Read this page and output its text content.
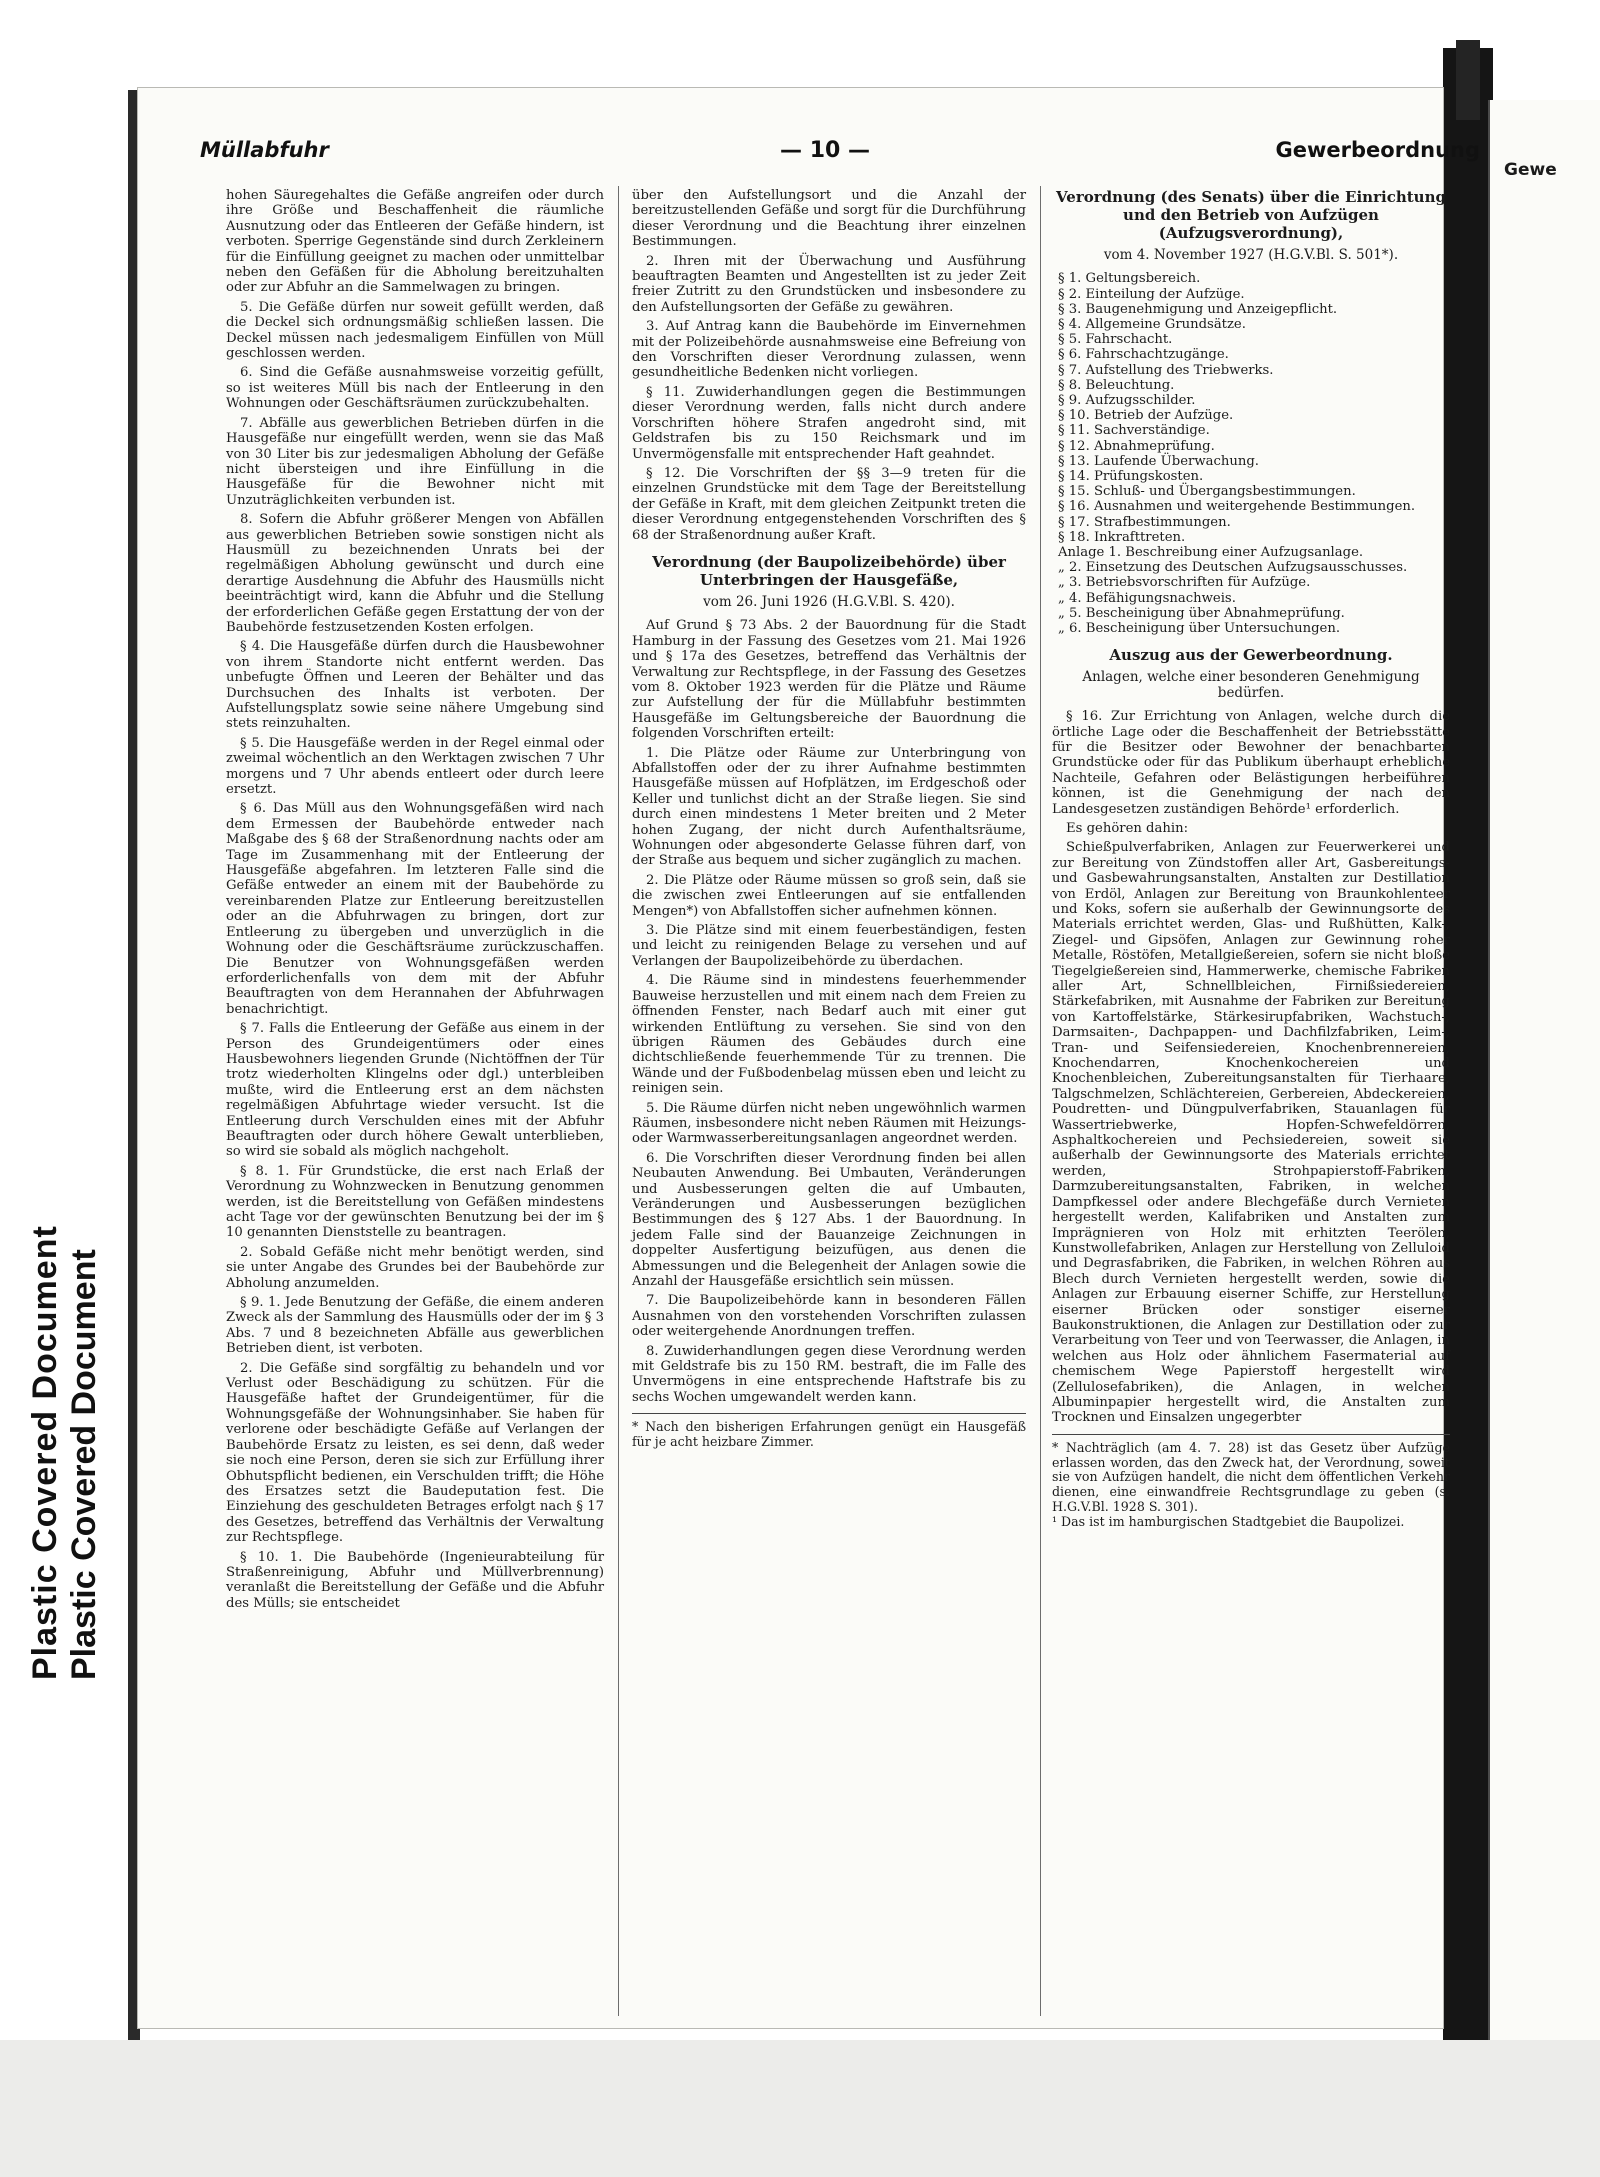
Plastic Covered Document Plastic Covered Document
Gewe
Müllabfuhr	— 10 —	Gewerbeordnung

hohen Säuregehaltes die Gefäße angreifen oder durch ihre Größe und Beschaffenheit die räumliche Ausnutzung oder das Entleeren der Gefäße hindern, ist verboten. Sperrige Gegenstände sind durch Zerkleinern für die Einfüllung geeignet zu machen oder unmittelbar neben den Gefäßen für die Abholung bereitzuhalten oder zur Abfuhr an die Sammelwagen zu bringen.

5. Die Gefäße dürfen nur soweit gefüllt werden, daß die Deckel sich ordnungsmäßig schließen lassen. Die Deckel müssen nach jedesmaligem Einfüllen von Müll geschlossen werden.

6. Sind die Gefäße ausnahmsweise vorzeitig gefüllt, so ist weiteres Müll bis nach der Entleerung in den Wohnungen oder Geschäftsräumen zurückzubehalten.

7. Abfälle aus gewerblichen Betrieben dürfen in die Hausgefäße nur eingefüllt werden, wenn sie das Maß von 30 Liter bis zur jedesmaligen Abholung der Gefäße nicht übersteigen und ihre Einfüllung in die Hausgefäße für die Bewohner nicht mit Unzuträglichkeiten verbunden ist.

8. Sofern die Abfuhr größerer Mengen von Abfällen aus gewerblichen Betrieben sowie sonstigen nicht als Hausmüll zu bezeichnenden Unrats bei der regelmäßigen Abholung gewünscht und durch eine derartige Ausdehnung die Abfuhr des Hausmülls nicht beeinträchtigt wird, kann die Abfuhr und die Stellung der erforderlichen Gefäße gegen Erstattung der von der Baubehörde festzusetzenden Kosten erfolgen.

§ 4. Die Hausgefäße dürfen durch die Hausbewohner von ihrem Standorte nicht entfernt werden. Das unbefugte Öffnen und Leeren der Behälter und das Durchsuchen des Inhalts ist verboten. Der Aufstellungsplatz sowie seine nähere Umgebung sind stets reinzuhalten.

§ 5. Die Hausgefäße werden in der Regel einmal oder zweimal wöchentlich an den Werktagen zwischen 7 Uhr morgens und 7 Uhr abends entleert oder durch leere ersetzt.

§ 6. Das Müll aus den Wohnungsgefäßen wird nach dem Ermessen der Baubehörde entweder nach Maßgabe des § 68 der Straßenordnung nachts oder am Tage im Zusammenhang mit der Entleerung der Hausgefäße abgefahren. Im letzteren Falle sind die Gefäße entweder an einem mit der Baubehörde zu vereinbarenden Platze zur Entleerung bereitzustellen oder an die Abfuhrwagen zu bringen, dort zur Entleerung zu übergeben und unverzüglich in die Wohnung oder die Geschäftsräume zurückzuschaffen. Die Benutzer von Wohnungsgefäßen werden erforderlichenfalls von dem mit der Abfuhr Beauftragten von dem Herannahen der Abfuhrwagen benachrichtigt.

§ 7. Falls die Entleerung der Gefäße aus einem in der Person des Grundeigentümers oder eines Hausbewohners liegenden Grunde (Nichtöffnen der Tür trotz wiederholten Klingelns oder dgl.) unterbleiben mußte, wird die Entleerung erst an dem nächsten regelmäßigen Abfuhrtage wieder versucht. Ist die Entleerung durch Verschulden eines mit der Abfuhr Beauftragten oder durch höhere Gewalt unterblieben, so wird sie sobald als möglich nachgeholt.

§ 8. 1. Für Grundstücke, die erst nach Erlaß der Verordnung zu Wohnzwecken in Benutzung genommen werden, ist die Bereitstellung von Gefäßen mindestens acht Tage vor der gewünschten Benutzung bei der im § 10 genannten Dienststelle zu beantragen.

2. Sobald Gefäße nicht mehr benötigt werden, sind sie unter Angabe des Grundes bei der Baubehörde zur Abholung anzumelden.

§ 9. 1. Jede Benutzung der Gefäße, die einem anderen Zweck als der Sammlung des Hausmülls oder der im § 3 Abs. 7 und 8 bezeichneten Abfälle aus gewerblichen Betrieben dient, ist verboten.

2. Die Gefäße sind sorgfältig zu behandeln und vor Verlust oder Beschädigung zu schützen. Für die Hausgefäße haftet der Grundeigentümer, für die Wohnungsgefäße der Wohnungsinhaber. Sie haben für verlorene oder beschädigte Gefäße auf Verlangen der Baubehörde Ersatz zu leisten, es sei denn, daß weder sie noch eine Person, deren sie sich zur Erfüllung ihrer Obhutspflicht bedienen, ein Verschulden trifft; die Höhe des Ersatzes setzt die Baudeputation fest. Die Einziehung des geschuldeten Betrages erfolgt nach § 17 des Gesetzes, betreffend das Verhältnis der Verwaltung zur Rechtspflege.

§ 10. 1. Die Baubehörde (Ingenieurabteilung für Straßenreinigung, Abfuhr und Müllverbrennung) veranlaßt die Bereitstellung der Gefäße und die Abfuhr des Mülls; sie entscheidet

über den Aufstellungsort und die Anzahl der bereitzustellenden Gefäße und sorgt für die Durchführung dieser Verordnung und die Beachtung ihrer einzelnen Bestimmungen.

2. Ihren mit der Überwachung und Ausführung beauftragten Beamten und Angestellten ist zu jeder Zeit freier Zutritt zu den Grundstücken und insbesondere zu den Aufstellungsorten der Gefäße zu gewähren.

3. Auf Antrag kann die Baubehörde im Einvernehmen mit der Polizeibehörde ausnahmsweise eine Befreiung von den Vorschriften dieser Verordnung zulassen, wenn gesundheitliche Bedenken nicht vorliegen.

§ 11. Zuwiderhandlungen gegen die Bestimmungen dieser Verordnung werden, falls nicht durch andere Vorschriften höhere Strafen angedroht sind, mit Geldstrafen bis zu 150 Reichsmark und im Unvermögensfalle mit entsprechender Haft geahndet.

§ 12. Die Vorschriften der §§ 3—9 treten für die einzelnen Grundstücke mit dem Tage der Bereitstellung der Gefäße in Kraft, mit dem gleichen Zeitpunkt treten die dieser Verordnung entgegenstehenden Vorschriften des § 68 der Straßenordnung außer Kraft.

Verordnung (der Baupolizeibehörde) über Unterbringen der Hausgefäße,
vom 26. Juni 1926 (H.G.V.Bl. S. 420).

Auf Grund § 73 Abs. 2 der Bauordnung für die Stadt Hamburg in der Fassung des Gesetzes vom 21. Mai 1926 und § 17a des Gesetzes, betreffend das Verhältnis der Verwaltung zur Rechtspflege, in der Fassung des Gesetzes vom 8. Oktober 1923 werden für die Plätze und Räume zur Aufstellung der für die Müllabfuhr bestimmten Hausgefäße im Geltungsbereiche der Bauordnung die folgenden Vorschriften erteilt:

1. Die Plätze oder Räume zur Unterbringung von Abfallstoffen oder der zu ihrer Aufnahme bestimmten Hausgefäße müssen auf Hofplätzen, im Erdgeschoß oder Keller und tunlichst dicht an der Straße liegen. Sie sind durch einen mindestens 1 Meter breiten und 2 Meter hohen Zugang, der nicht durch Aufenthaltsräume, Wohnungen oder abgesonderte Gelasse führen darf, von der Straße aus bequem und sicher zugänglich zu machen.

2. Die Plätze oder Räume müssen so groß sein, daß sie die zwischen zwei Entleerungen auf sie entfallenden Mengen*) von Abfallstoffen sicher aufnehmen können.

3. Die Plätze sind mit einem feuerbeständigen, festen und leicht zu reinigenden Belage zu versehen und auf Verlangen der Baupolizeibehörde zu überdachen.

4. Die Räume sind in mindestens feuerhemmender Bauweise herzustellen und mit einem nach dem Freien zu öffnenden Fenster, nach Bedarf auch mit einer gut wirkenden Entlüftung zu versehen. Sie sind von den übrigen Räumen des Gebäudes durch eine dichtschließende feuerhemmende Tür zu trennen. Die Wände und der Fußbodenbelag müssen eben und leicht zu reinigen sein.

5. Die Räume dürfen nicht neben ungewöhnlich warmen Räumen, insbesondere nicht neben Räumen mit Heizungs- oder Warmwasserbereitungsanlagen angeordnet werden.

6. Die Vorschriften dieser Verordnung finden bei allen Neubauten Anwendung. Bei Umbauten, Veränderungen und Ausbesserungen gelten die auf Umbauten, Veränderungen und Ausbesserungen bezüglichen Bestimmungen des § 127 Abs. 1 der Bauordnung. In jedem Falle sind der Bauanzeige Zeichnungen in doppelter Ausfertigung beizufügen, aus denen die Abmessungen und die Belegenheit der Anlagen sowie die Anzahl der Hausgefäße ersichtlich sein müssen.

7. Die Baupolizeibehörde kann in besonderen Fällen Ausnahmen von den vorstehenden Vorschriften zulassen oder weitergehende Anordnungen treffen.

8. Zuwiderhandlungen gegen diese Verordnung werden mit Geldstrafe bis zu 150 RM. bestraft, die im Falle des Unvermögens in eine entsprechende Haftstrafe bis zu sechs Wochen umgewandelt werden kann.

* Nach den bisherigen Erfahrungen genügt ein Hausgefäß für je acht heizbare Zimmer.
Verordnung (des Senats) über die Einrichtung und den Betrieb von Aufzügen (Aufzugsverordnung),
vom 4. November 1927 (H.G.V.Bl. S. 501*).
§ 1. Geltungsbereich.
§ 2. Einteilung der Aufzüge.
§ 3. Baugenehmigung und Anzeigepflicht.
§ 4. Allgemeine Grundsätze.
§ 5. Fahrschacht.
§ 6. Fahrschachtzugänge.
§ 7. Aufstellung des Triebwerks.
§ 8. Beleuchtung.
§ 9. Aufzugsschilder.
§ 10. Betrieb der Aufzüge.
§ 11. Sachverständige.
§ 12. Abnahmeprüfung.
§ 13. Laufende Überwachung.
§ 14. Prüfungskosten.
§ 15. Schluß- und Übergangsbestimmungen.
§ 16. Ausnahmen und weitergehende Bestimmungen.
§ 17. Strafbestimmungen.
§ 18. Inkrafttreten.
Anlage 1. Beschreibung einer Aufzugsanlage.
„ 2. Einsetzung des Deutschen Aufzugsausschusses.
„ 3. Betriebsvorschriften für Aufzüge.
„ 4. Befähigungsnachweis.
„ 5. Bescheinigung über Abnahmeprüfung.
„ 6. Bescheinigung über Untersuchungen.
Auszug aus der Gewerbeordnung.
Anlagen, welche einer besonderen Genehmigung bedürfen.

§ 16. Zur Errichtung von Anlagen, welche durch die örtliche Lage oder die Beschaffenheit der Betriebsstätte für die Besitzer oder Bewohner der benachbarten Grundstücke oder für das Publikum überhaupt erhebliche Nachteile, Gefahren oder Belästigungen herbeiführen können, ist die Genehmigung der nach den Landesgesetzen zuständigen Behörde¹ erforderlich.

Es gehören dahin:

Schießpulverfabriken, Anlagen zur Feuerwerkerei und zur Bereitung von Zündstoffen aller Art, Gasbereitungs- und Gasbewahrungsanstalten, Anstalten zur Destillation von Erdöl, Anlagen zur Bereitung von Braunkohlenteer und Koks, sofern sie außerhalb der Gewinnungsorte des Materials errichtet werden, Glas- und Rußhütten, Kalk-, Ziegel- und Gipsöfen, Anlagen zur Gewinnung roher Metalle, Röstöfen, Metallgießereien, sofern sie nicht bloße Tiegelgießereien sind, Hammerwerke, chemische Fabriken aller Art, Schnellbleichen, Firnißsiedereien, Stärkefabriken, mit Ausnahme der Fabriken zur Bereitung von Kartoffelstärke, Stärkesirupfabriken, Wachstuch-, Darmsaiten-, Dachpappen- und Dachfilzfabriken, Leim-, Tran- und Seifensiedereien, Knochenbrennereien, Knochendarren, Knochenkochereien und Knochenbleichen, Zubereitungsanstalten für Tierhaare, Talgschmelzen, Schlächtereien, Gerbereien, Abdeckereien, Poudretten- und Düngpulverfabriken, Stauanlagen für Wassertriebwerke, Hopfen-Schwefeldörren, Asphaltkochereien und Pechsiedereien, soweit sie außerhalb der Gewinnungsorte des Materials errichtet werden, Strohpapierstoff-Fabriken, Darmzubereitungsanstalten, Fabriken, in welchen Dampfkessel oder andere Blechgefäße durch Vernieten hergestellt werden, Kalifabriken und Anstalten zum Imprägnieren von Holz mit erhitzten Teerölen, Kunstwollefabriken, Anlagen zur Herstellung von Zelluloid und Degrasfabriken, die Fabriken, in welchen Röhren aus Blech durch Vernieten hergestellt werden, sowie die Anlagen zur Erbauung eiserner Schiffe, zur Herstellung eiserner Brücken oder sonstiger eiserner Baukonstruktionen, die Anlagen zur Destillation oder zur Verarbeitung von Teer und von Teerwasser, die Anlagen, in welchen aus Holz oder ähnlichem Fasermaterial auf chemischem Wege Papierstoff hergestellt wird (Zellulosefabriken), die Anlagen, in welchen Albuminpapier hergestellt wird, die Anstalten zum Trocknen und Einsalzen ungegerbter

* Nachträglich (am 4. 7. 28) ist das Gesetz über Aufzüge erlassen worden, das den Zweck hat, der Verordnung, soweit sie von Aufzügen handelt, die nicht dem öffentlichen Verkehr dienen, eine einwandfreie Rechtsgrundlage zu geben (s. H.G.V.Bl. 1928 S. 301).
¹ Das ist im hamburgischen Stadtgebiet die Baupolizei.
